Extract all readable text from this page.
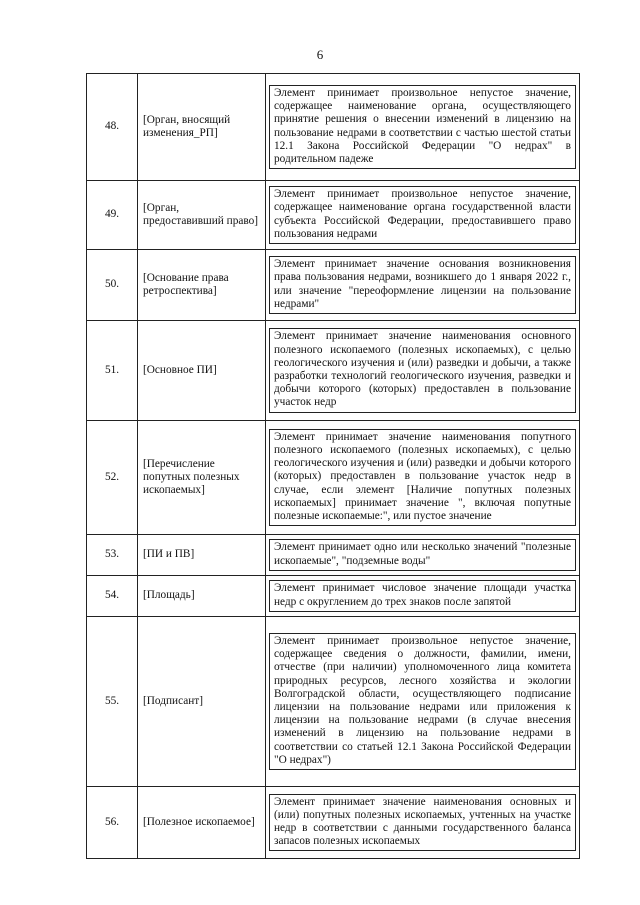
6
48.	[Орган, вносящий изменения_РП]	Элемент принимает произвольное непустое значение, содержащее наименование органа, осуществляющего принятие решения о внесении изменений в лицензию на пользование недрами в соответствии с частью шестой статьи 12.1 Закона Российской Федерации "О недрах" в родительном падеже

49.	[Орган, предоставивший право]	Элемент принимает произвольное непустое значение, содержащее наименование органа государственной власти субъекта Российской Федерации, предоставившего право пользования недрами

50.	[Основание права ретроспектива]	Элемент принимает значение основания возникновения права пользования недрами, возникшего до 1 января 2022 г., или значение "переоформление лицензии на пользование недрами"

51.	[Основное ПИ]	Элемент принимает значение наименования основного полезного ископаемого (полезных ископаемых), с целью геологического изучения и (или) разведки и добычи, а также разработки технологий геологического изучения, разведки и добычи которого (которых) предоставлен в пользование участок недр

52.	[Перечисление попутных полезных ископаемых]	Элемент принимает значение наименования попутного полезного ископаемого (полезных ископаемых), с целью геологического изучения и (или) разведки и добычи которого (которых) предоставлен в пользование участок недр в случае, если элемент [Наличие попутных полезных ископаемых] принимает значение ", включая попутные полезные ископаемые:", или пустое значение

53.	[ПИ и ПВ]	Элемент принимает одно или несколько значений "полезные ископаемые", "подземные воды"

54.	[Площадь]	Элемент принимает числовое значение площади участка недр с округлением до трех знаков после запятой

55.	[Подписант]	Элемент принимает произвольное непустое значение, содержащее сведения о должности, фамилии, имени, отчестве (при наличии) уполномоченного лица комитета природных ресурсов, лесного хозяйства и экологии Волгоградской области, осуществляющего подписание лицензии на пользование недрами или приложения к лицензии на пользование недрами (в случае внесения изменений в лицензию на пользование недрами в соответствии со статьей 12.1 Закона Российской Федерации "О недрах")

56.	[Полезное ископаемое]	Элемент принимает значение наименования основных и (или) попутных полезных ископаемых, учтенных на участке недр в соответствии с данными государственного баланса запасов полезных ископаемых
